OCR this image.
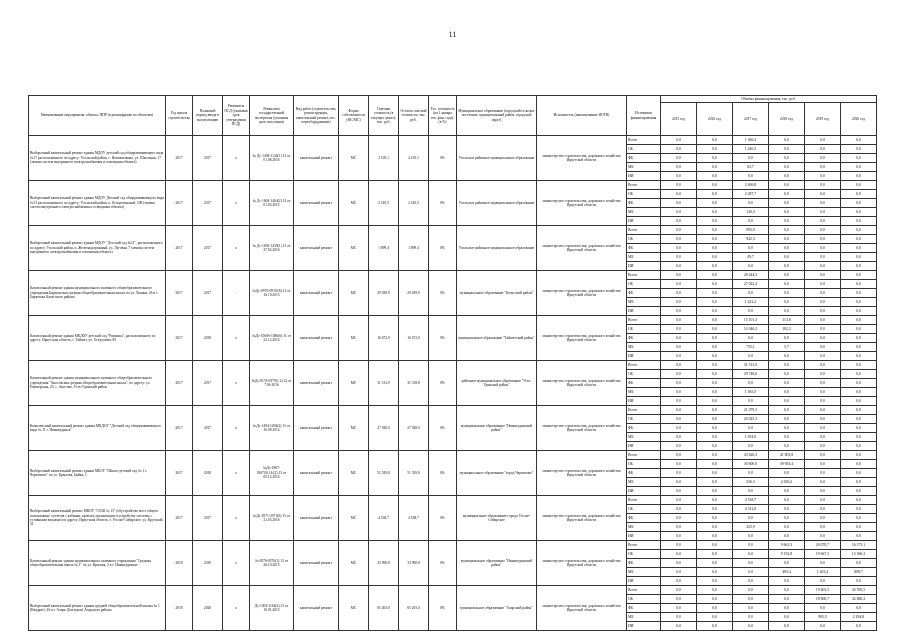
11
Наименование мероприятия, объекта, ППР (в расшифровке по объектам)	Год начала строительства	Плановый период ввода в эксплуатацию	Реквизиты ПСД (указывая срок утверждения ПСД)	Реквизиты государственной экспертизы (указывая срок получения)	Вид работ (строительство, реконструкция, капитальный ремонт, пос. переоборудование)	Форма собственности (ФС/МС)	Сметная стоимость (в текущих ценах), тыс. руб.	Остаток сметной стоимости, тыс. руб.	Тех. готовность (на 1 января тек. фин. года), (в %)	Муниципальное образование (городской/сельское поселение, муниципальный район, городской округ)	Исполнитель (наименование ИОГВ)	Источники финансирования	Объемы финансирования, тыс. руб.					
													2015 год	2016 год	2017 год	2018 год	2019 год	2020 год
Выборочный капитальный ремонт здания МДОУ детский сад общеразвивающего вида №17 расположенного по адресу: Усольский район, с. Новожилкино, ул. Школьная, 17 (замена систем внутреннего электроснабжения и освещения объекта)	2017	2017	х	№ Дс-1404-1126(1).13 от 01.08.2016	капитальный ремонт	МС	2 105,1	2 105,1	0%	Усольское районное муниципальное образование	министерство строительства, дорожного хозяйства Иркутской области	Всего	0,0	0,0	1 366,2	0,0	0,0	0,0
												ОБ	0,0	0,0	1 240,5	0,0	0,0	0,0
												ФБ	0,0	0,0	0,0	0,0	0,0	0,0
												МБ	0,0	0,0	65,7	0,0	0,0	0,0
												ИИ	0,0	0,0	0,0	0,0	0,0	0,0
Выборочный капитальный ремонт здания МДОУ Детский сад общеразвивающего вида №13 расположенного по адресу: Усольский район, п. Белореченский, 108 (замена систем внутреннего электроснабжения и освещения объекта)	2017	2017	х	№ Дс-1604-1464(2).14 от 01.03.2015	капитальный ремонт	МС	2 410,5	2 410,5	0%	Усольское районное муниципальное образование	министерство строительства, дорожного хозяйства Иркутской области	Всего	0,0	0,0	2 406,8	0,0	0,0	0,0
												ОБ	0,0	0,0	2 287,7	0,0	0,0	0,0
												ФБ	0,0	0,0	0,0	0,0	0,0	0,0
												МБ	0,0	0,0	120,3	0,0	0,0	0,0
												ИИ	0,0	0,0	0,0	0,0	0,0	0,0
Выборочный капитальный ремонт здания МДОУ "Детский сад №11", расположенного по адресу: Усольский район, п. Железнодорожный, ул. Луговая, 7 (замена систем внутреннего электроснабжения и освещения объекта)	2017	2017	х	№ Дс-1659-1439(1).13 от 27.02.2016	капитальный ремонт	МС	1 899,4	1 899,4	0%	Усольское районное муниципальное образование	министерство строительства, дорожного хозяйства Иркутской области	Всего	0,0	0,0	992,0	0,0	0,0	0,0
												ОБ	0,0	0,0	942,3	0,0	0,0	0,0
												ФБ	0,0	0,0	0,0	0,0	0,0	0,0
												МБ	0,0	0,0	49,7	0,0	0,0	0,0
												ИИ	0,0	0,0	0,0	0,0	0,0	0,0
Капитальный ремонт здания муниципального казенного общеобразовательного учреждения Бирюльская средняя общеобразовательная школа по ул. Ленина, 26 в с. Бирюлька Качугского района	2017	2017	-	№Дс-0976-0910/(6).13 от 16.10.2013	капитальный ремонт	МС	29 039,9	29 039,9	0%	муниципальное образование "Качугский район"	министерство строительства, дорожного хозяйства Иркутской области	Всего	0,0	0,0	28 444,5	0,0	0,0	0,0
												ОБ	0,0	0,0	27 022,4	0,0	0,0	0,0
												ФБ	0,0	0,0	0,0	0,0	0,0	0,0
												МБ	0,0	0,0	1 422,2	0,0	0,0	0,0
												ИИ	0,0	0,0	0,0	0,0	0,0	0,0
Капитальный ремонт здания МКДОУ детский сад "Ромашка", расположенного по адресу: Иркутская область, г. Тайшет, ул. Océдушева, 85	2017	2018	х	№Дс-1560б-1586(6).11 от 22.12.2014	капитальный ремонт	МС	16 672,9	16 672,9	0%	муниципальное образование "Тайшетский район"	министерство строительства, дорожного хозяйства Иркутской области	Всего	0,0	0,0	15 101,3	113,8	0,0	0,0
												ОБ	0,0	0,0	14 346,2	102,3	0,0	0,0
												ФБ	0,0	0,0	0,0	0,0	0,0	0,0
												МБ	0,0	0,0	755,1	5,7	0,0	0,0
												ИИ	0,0	0,0	0,0	0,0	0,0	0,0
Капитальный ремонт здания муниципального казенного общеобразовательного учреждения "Аносовская средняя общеобразовательная школа", по адресу: ул. Пионерская, 23, с. Аносово, Усть-Удинский район	2017	2017	х	№Дс-0176-0379(1.2).12 от 7.06.2016	капитальный ремонт	МС	31 513,9	31 318,8	0%	районное муниципальное образование "Усть-Удинский район"	министерство строительства, дорожного хозяйства Иркутской области	Всего	0,0	0,0	31 313,9	0,0	0,0	0,0
												ОБ	0,0	0,0	29 748,6	0,0	0,0	0,0
												ФБ	0,0	0,0	0,0	0,0	0,0	0,0
												МБ	0,0	0,0	1 565,5	0,0	0,0	0,0
												ИИ	0,0	0,0	0,0	0,0	0,0	0,0
Комплексный капитальный ремонт здания МКДОУ "Детский сад общеразвивающего вида № 11 г. Нижнеудинск"	2017	2017	х	№Дс-1494-1494(2).13 от 16.09.2014	капитальный ремонт	МС	27 928,0	27 928,0	0%	муниципальное образование "Нижнеудинский район"	министерство строительства, дорожного хозяйства Иркутской области	Всего	0,0	0,0	21 079,3	0,0	0,0	0,0
												ОБ	0,0	0,0	20 025,3	0,0	0,0	0,0
												ФБ	0,0	0,0	0,0	0,0	0,0	0,0
												МБ	0,0	0,0	1 054,0	0,0	0,0	0,0
												ИИ	0,0	0,0	0,0	0,0	0,0	0,0
Выборочный капитальный ремонт здания МБОУ "Школа-детский сад № 1 г. Черемхово" по ул. Крылова, Бийка, 1	2017	2018	х	№Дс-1867-1867(0).14/(2).13 от 05.12.2014	капитальный ремонт	МС	51 529,8	51 529,8	0%	муниципальное образование "город Черемхово"	министерство строительства, дорожного хозяйства Иркутской области	Всего	0,0	0,0	43 626,3	41 803,8	0,0	0,0
												ОБ	0,0	0,0	30 600,0	39 953,4	0,0	0,0
												ФБ	0,0	0,0	0,0	0,0	0,0	0,0
												МБ	0,0	0,0	526,3	2 650,2	0,0	0,0
												ИИ	0,0	0,0	0,0	0,0	0,0	0,0
Выборочный капитальный ремонт МКОУ "СОШ № 13" (обустройство мест общего пользования/ туалетов с кабинки, кровля), организации и устройству системы с уставными входами) по адресу: Иркутская область, г. Усолье-Сибирское, ул. Крупской, 31	2017	2017	х	№Дс-2971-2971(0).13 от 21.03.2016	капитальный ремонт	МС	4 538,7	4 538,7	0%	муниципальное образование города Усолье-Сибирское	министерство строительства, дорожного хозяйства Иркутской области	Всего	0,0	0,0	4 538,7	0,0	0,0	0,0
												ОБ	0,0	0,0	4 312,8	0,0	0,0	0,0
												ФБ	0,0	0,0	0,0	0,0	0,0	0,0
												МБ	0,0	0,0	225,9	0,0	0,0	0,0
												ИИ	0,0	0,0	0,0	0,0	0,0	0,0
Капитальный ремонт здания муниципального казенного учреждения "Средняя общеобразовательная школа № 1" по ул. Красная, 2 в г. Нижнеудинске	2018	2019	х	№-0576-0576(1).13 от 26.10.2015	капитальный ремонт	МС	33 990,8	33 990,8	0%	муниципальное образование "Нижнеудинский район"	министерство строительства, дорожного хозяйства Иркутской области	Всего	0,0	0,0	0,0	9 661,3	20 070,7	16 175,1
												ОБ	0,0	0,0	0,0	9 192,8	19 667,3	15 366,3
												ФБ	0,0	0,0	0,0	0,0	0,0	0,0
												МБ	0,0	0,0	0,0	483,4	1 403,4	808,7
												ИИ	0,0	0,0	0,0	0,0	0,0	0,0
Выборочный капитальный ремонт здания средней общеобразовательной школы № 1 (Квадрат), 26 в г. Аларь (Бахтуров) Аларского района	2018	2020	х	Дс-1304-1164(2).13 от 16.01.2015	капитальный ремонт	МС	65 203,0	65 203,0	0%	муниципальное образование "Аларский район"	министерство строительства, дорожного хозяйства Иркутской области	Всего	0,0	0,0	0,0	0,0	19 603,3	43 595,5
												ОБ	0,0	0,0	0,0	0,0	18 800,7	42 680,2
												ФБ	0,0	0,0	0,0	0,0	0,0	0,0
												МБ	0,0	0,0	0,0	0,0	985,5	2 294,8
												ИИ	0,0	0,0	0,0	0,0	0,0	0,0
